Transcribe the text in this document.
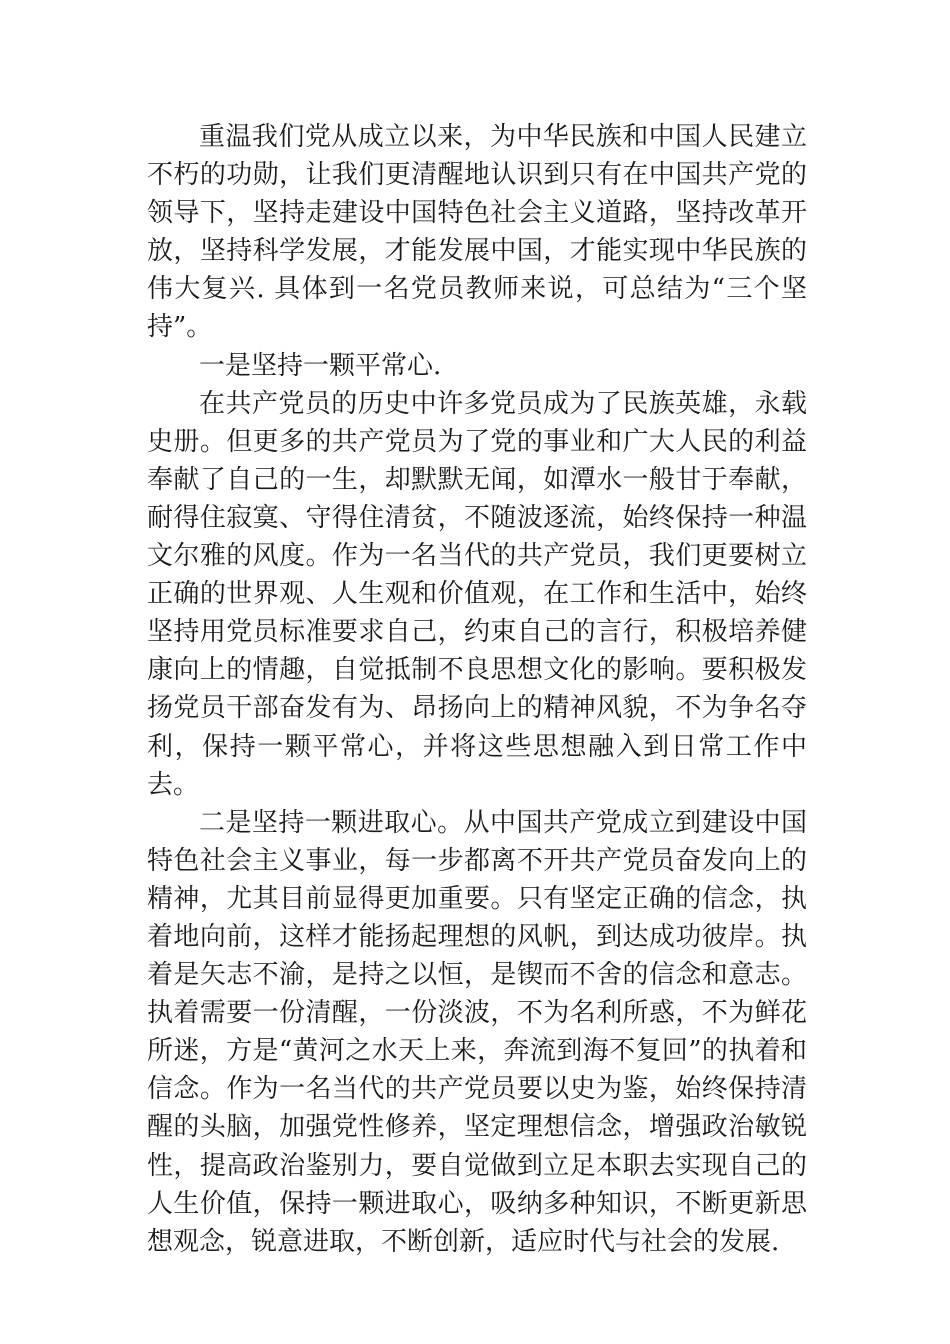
重温我们党从成立以来，为中华民族和中国人民建立不朽的功勋，让我们更清醒地认识到只有在中国共产党的领导下，坚持走建设中国特色社会主义道路，坚持改革开放，坚持科学发展，才能发展中国，才能实现中华民族的伟大复兴. 具体到一名党员教师来说，可总结为“三个坚持”。

一是坚持一颗平常心.

在共产党员的历史中许多党员成为了民族英雄，永载史册。但更多的共产党员为了党的事业和广大人民的利益奉献了自己的一生，却默默无闻，如潭水一般甘于奉献，耐得住寂寞、守得住清贫，不随波逐流，始终保持一种温文尔雅的风度。作为一名当代的共产党员，我们更要树立正确的世界观、人生观和价值观，在工作和生活中，始终坚持用党员标准要求自己，约束自己的言行，积极培养健康向上的情趣，自觉抵制不良思想文化的影响。要积极发扬党员干部奋发有为、昂扬向上的精神风貌，不为争名夺利，保持一颗平常心，并将这些思想融入到日常工作中去。

二是坚持一颗进取心。从中国共产党成立到建设中国特色社会主义事业，每一步都离不开共产党员奋发向上的精神，尤其目前显得更加重要。只有坚定正确的信念，执着地向前，这样才能扬起理想的风帆，到达成功彼岸。执着是矢志不渝，是持之以恒，是锲而不舍的信念和意志。执着需要一份清醒，一份淡波，不为名利所惑，不为鲜花所迷，方是“黄河之水天上来，奔流到海不复回”的执着和信念。作为一名当代的共产党员要以史为鉴，始终保持清醒的头脑，加强党性修养，坚定理想信念，增强政治敏锐性，提高政治鉴别力，要自觉做到立足本职去实现自己的人生价值，保持一颗进取心，吸纳多种知识，不断更新思想观念，锐意进取，不断创新，适应时代与社会的发展.
